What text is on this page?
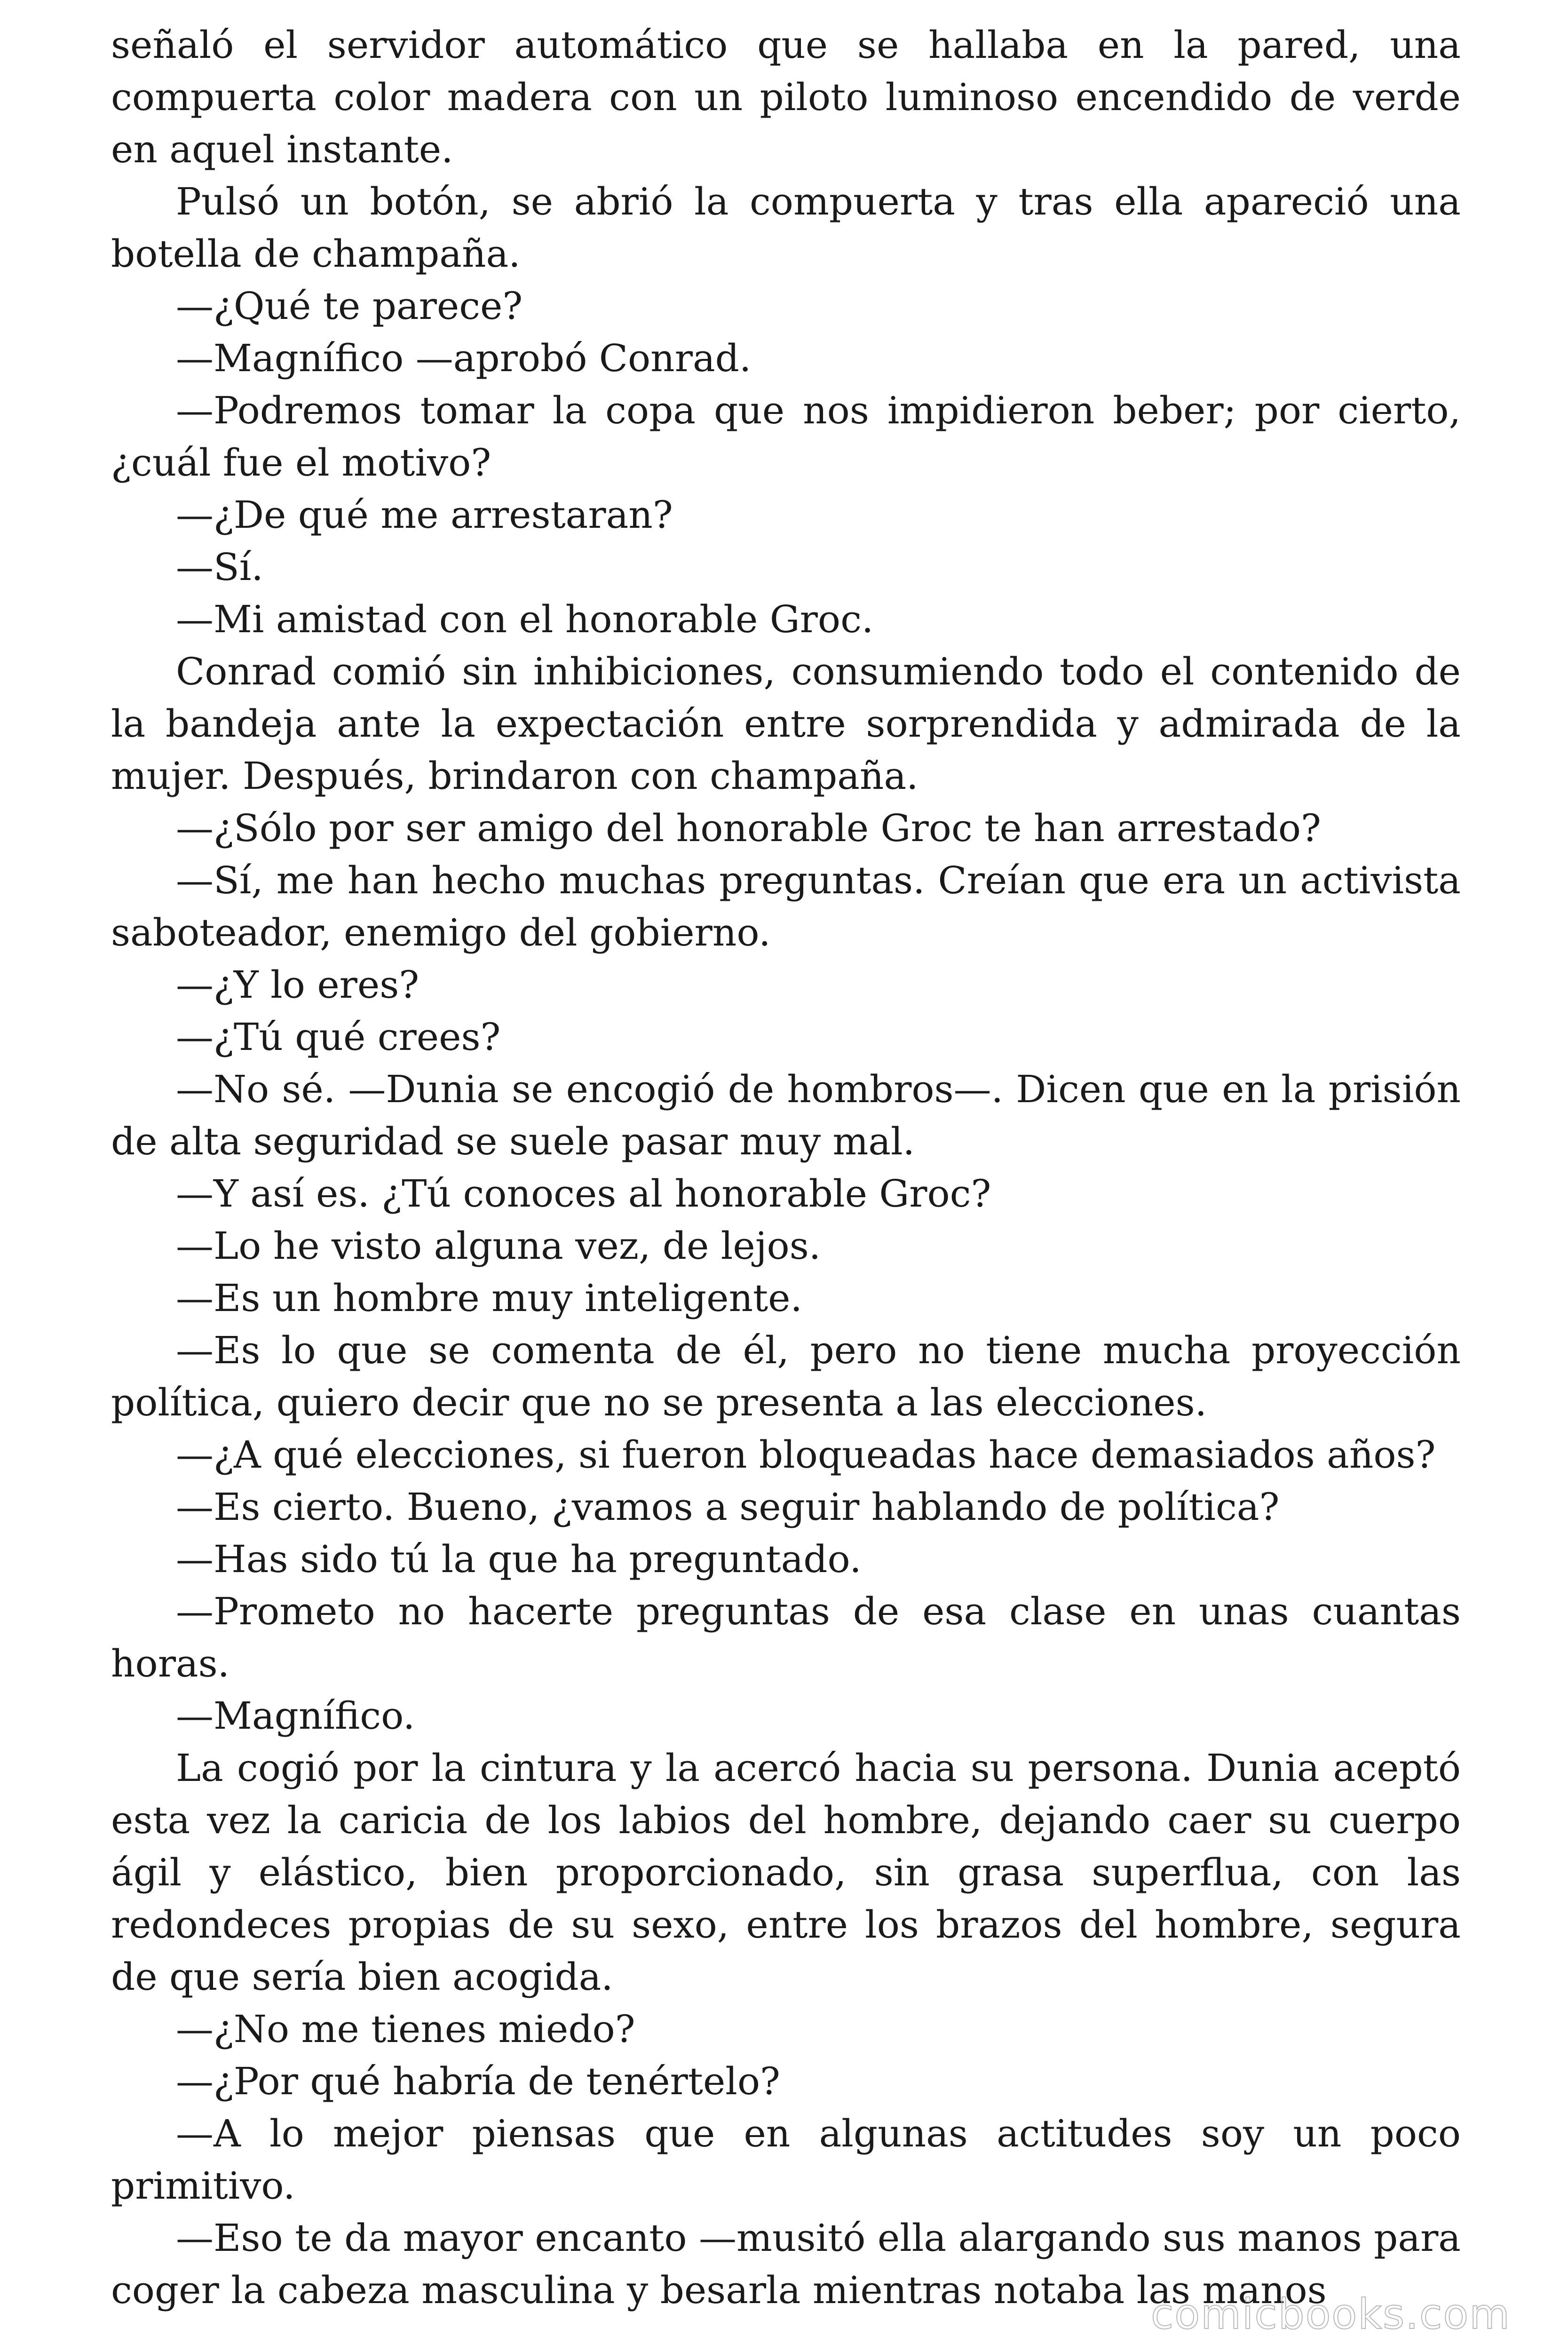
señaló el servidor automático que se hallaba en la pared, una compuerta color madera con un piloto luminoso encendido de verde en aquel instante.

Pulsó un botón, se abrió la compuerta y tras ella apareció una botella de champaña.

—¿Qué te parece?

—Magnífico —aprobó Conrad.

—Podremos tomar la copa que nos impidieron beber; por cierto, ¿cuál fue el motivo?

—¿De qué me arrestaran?

—Sí.

—Mi amistad con el honorable Groc.

Conrad comió sin inhibiciones, consumiendo todo el contenido de la bandeja ante la expectación entre sorprendida y admirada de la mujer. Después, brindaron con champaña.

—¿Sólo por ser amigo del honorable Groc te han arrestado?

—Sí, me han hecho muchas preguntas. Creían que era un activista saboteador, enemigo del gobierno.

—¿Y lo eres?

—¿Tú qué crees?

—No sé. —Dunia se encogió de hombros—. Dicen que en la prisión de alta seguridad se suele pasar muy mal.

—Y así es. ¿Tú conoces al honorable Groc?

—Lo he visto alguna vez, de lejos.

—Es un hombre muy inteligente.

—Es lo que se comenta de él, pero no tiene mucha proyección política, quiero decir que no se presenta a las elecciones.

—¿A qué elecciones, si fueron bloqueadas hace demasiados años?

—Es cierto. Bueno, ¿vamos a seguir hablando de política?

—Has sido tú la que ha preguntado.

—Prometo no hacerte preguntas de esa clase en unas cuantas horas.

—Magnífico.

La cogió por la cintura y la acercó hacia su persona. Dunia aceptó esta vez la caricia de los labios del hombre, dejando caer su cuerpo ágil y elástico, bien proporcionado, sin grasa superflua, con las redondeces propias de su sexo, entre los brazos del hombre, segura de que sería bien acogida.

—¿No me tienes miedo?

—¿Por qué habría de tenértelo?

—A lo mejor piensas que en algunas actitudes soy un poco primitivo.

—Eso te da mayor encanto —musitó ella alargando sus manos para coger la cabeza masculina y besarla mientras notaba las manos

comicbooks.com
